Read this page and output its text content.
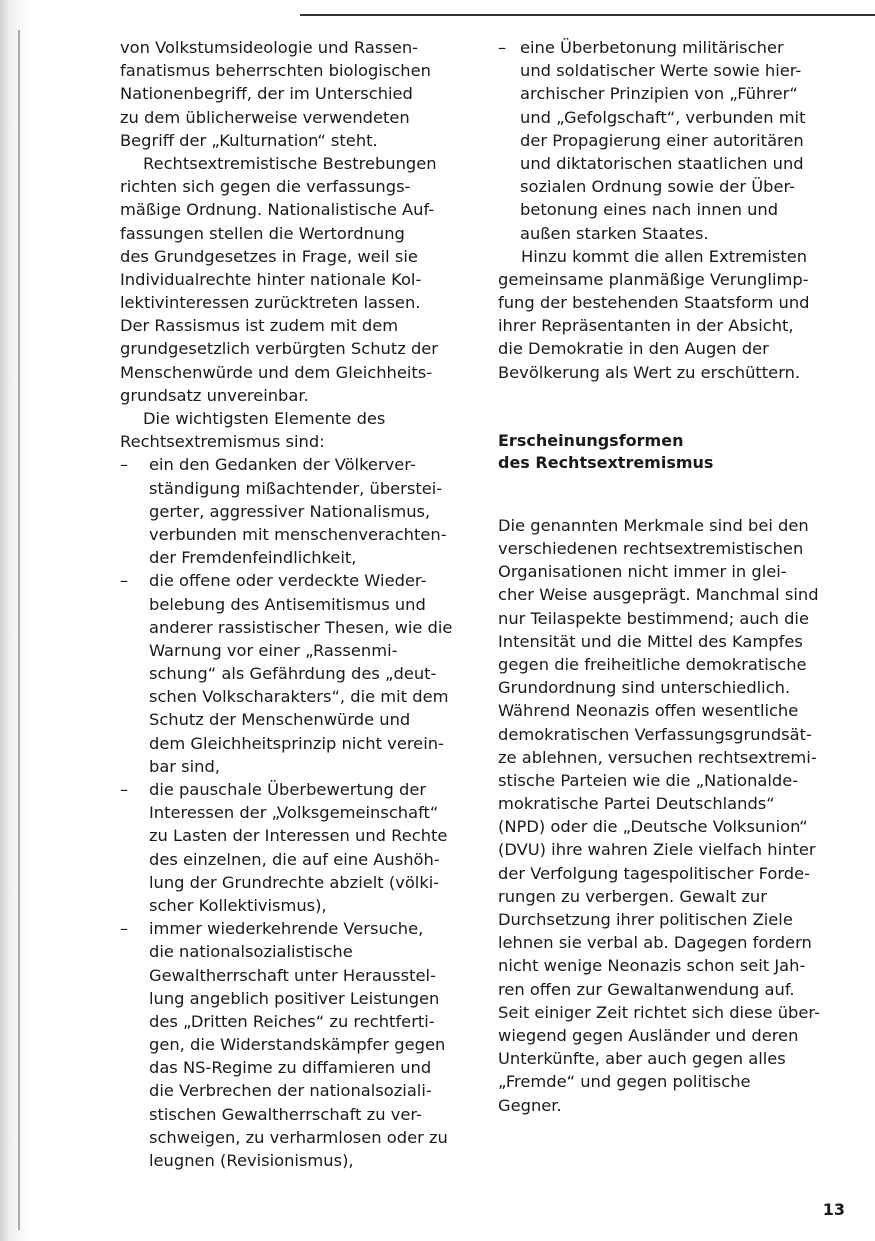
von Volkstumsideologie und Rassen-
fanatismus beherrschten biologischen
Nationenbegriff, der im Unterschied
zu dem üblicherweise verwendeten
Begriff der „Kulturnation“ steht.
Rechtsextremistische Bestrebungen
richten sich gegen die verfassungs-
mäßige Ordnung. Nationalistische Auf-
fassungen stellen die Wertordnung
des Grundgesetzes in Frage, weil sie
Individualrechte hinter nationale Kol-
lektivinteressen zurücktreten lassen.
Der Rassismus ist zudem mit dem
grundgesetzlich verbürgten Schutz der
Menschenwürde und dem Gleichheits-
grundsatz unvereinbar.
Die wichtigsten Elemente des
Rechtsextremismus sind:
– ein den Gedanken der Völkerver-
ständigung mißachtender, überstei-
gerter, aggressiver Nationalismus,
verbunden mit menschenverachten-
der Fremdenfeindlichkeit,
– die offene oder verdeckte Wieder-
belebung des Antisemitismus und
anderer rassistischer Thesen, wie die
Warnung vor einer „Rassenmi-
schung“ als Gefährdung des „deut-
schen Volkscharakters“, die mit dem
Schutz der Menschenwürde und
dem Gleichheitsprinzip nicht verein-
bar sind,
– die pauschale Überbewertung der
Interessen der „Volksgemeinschaft“
zu Lasten der Interessen und Rechte
des einzelnen, die auf eine Aushöh-
lung der Grundrechte abzielt (völki-
scher Kollektivismus),
– immer wiederkehrende Versuche,
die nationalsozialistische
Gewaltherrschaft unter Herausstel-
lung angeblich positiver Leistungen
des „Dritten Reiches“ zu rechtferti-
gen, die Widerstandskämpfer gegen
das NS-Regime zu diffamieren und
die Verbrechen der nationalsoziali-
stischen Gewaltherrschaft zu ver-
schweigen, zu verharmlosen oder zu
leugnen (Revisionismus),
– eine Überbetonung militärischer
und soldatischer Werte sowie hier-
archischer Prinzipien von „Führer“
und „Gefolgschaft“, verbunden mit
der Propagierung einer autoritären
und diktatorischen staatlichen und
sozialen Ordnung sowie der Über-
betonung eines nach innen und
außen starken Staates.
Hinzu kommt die allen Extremisten
gemeinsame planmäßige Verunglimp-
fung der bestehenden Staatsform und
ihrer Repräsentanten in der Absicht,
die Demokratie in den Augen der
Bevölkerung als Wert zu erschüttern.
Erscheinungsformen
des Rechtsextremismus
Die genannten Merkmale sind bei den
verschiedenen rechtsextremistischen
Organisationen nicht immer in glei-
cher Weise ausgeprägt. Manchmal sind
nur Teilaspekte bestimmend; auch die
Intensität und die Mittel des Kampfes
gegen die freiheitliche demokratische
Grundordnung sind unterschiedlich.
Während Neonazis offen wesentliche
demokratischen Verfassungsgrundsät-
ze ablehnen, versuchen rechtsextremi-
stische Parteien wie die „Nationalde-
mokratische Partei Deutschlands“
(NPD) oder die „Deutsche Volksunion“
(DVU) ihre wahren Ziele vielfach hinter
der Verfolgung tagespolitischer Forde-
rungen zu verbergen. Gewalt zur
Durchsetzung ihrer politischen Ziele
lehnen sie verbal ab. Dagegen fordern
nicht wenige Neonazis schon seit Jah-
ren offen zur Gewaltanwendung auf.
Seit einiger Zeit richtet sich diese über-
wiegend gegen Ausländer und deren
Unterkünfte, aber auch gegen alles
„Fremde“ und gegen politische
Gegner.
13
